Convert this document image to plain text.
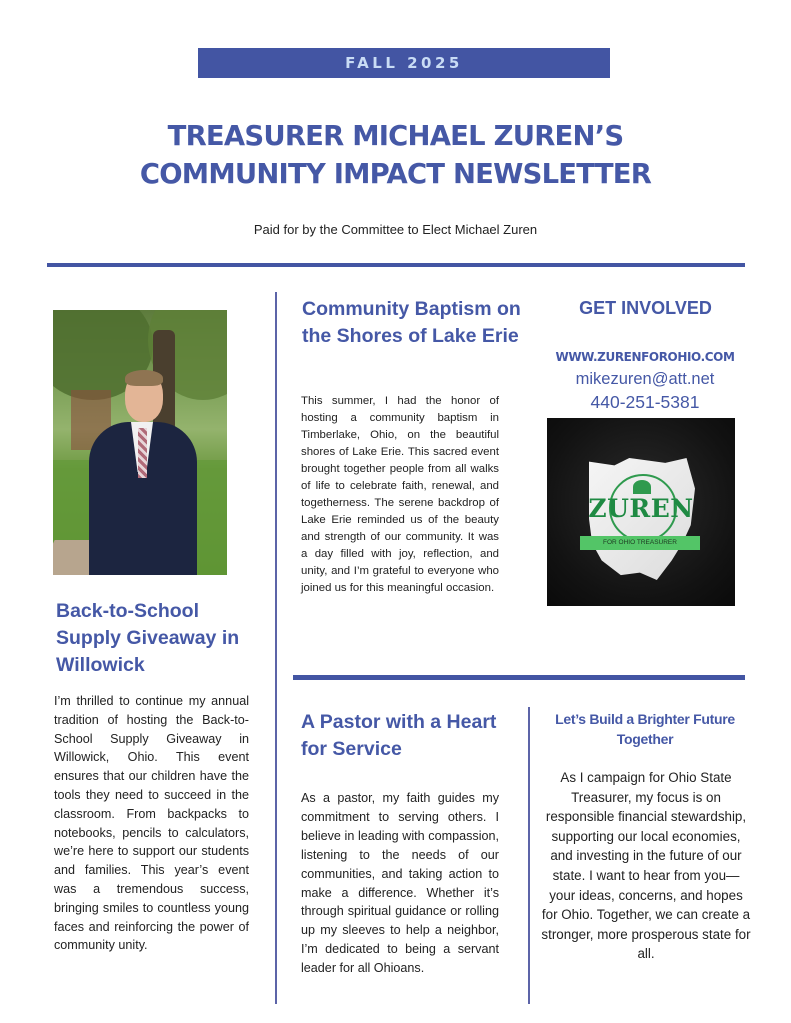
FALL 2025
TREASURER MICHAEL ZUREN’S
COMMUNITY IMPACT NEWSLETTER
Paid for by the Committee to Elect Michael Zuren
Back-to-School Supply Giveaway in Willowick

I’m thrilled to continue my annual tradition of hosting the Back-to-School Supply Giveaway in Willowick, Ohio. This event ensures that our children have the tools they need to succeed in the classroom. From backpacks to notebooks, pencils to calculators, we’re here to support our students and families. This year’s event was a tremendous success, bringing smiles to countless young faces and reinforcing the power of community unity.

Community Baptism on the Shores of Lake Erie

This summer, I had the honor of hosting a community baptism in Timberlake, Ohio, on the beautiful shores of Lake Erie. This sacred event brought together people from all walks of life to celebrate faith, renewal, and togetherness. The serene backdrop of Lake Erie reminded us of the beauty and strength of our community. It was a day filled with joy, reflection, and unity, and I’m grateful to everyone who joined us for this meaningful occasion.

GET INVOLVED
WWW.ZURENFOROHIO.COM
mikezuren@att.net
440-251-5381
ZUREN
FOR OHIO TREASURER
A Pastor with a Heart for Service

As a pastor, my faith guides my commitment to serving others. I believe in leading with compassion, listening to the needs of our communities, and taking action to make a difference. Whether it’s through spiritual guidance or rolling up my sleeves to help a neighbor, I’m dedicated to being a servant leader for all Ohioans.

Let’s Build a Brighter Future Together

As I campaign for Ohio State Treasurer, my focus is on responsible financial stewardship, supporting our local economies, and investing in the future of our state. I want to hear from you—your ideas, concerns, and hopes for Ohio. Together, we can create a stronger, more prosperous state for all.
